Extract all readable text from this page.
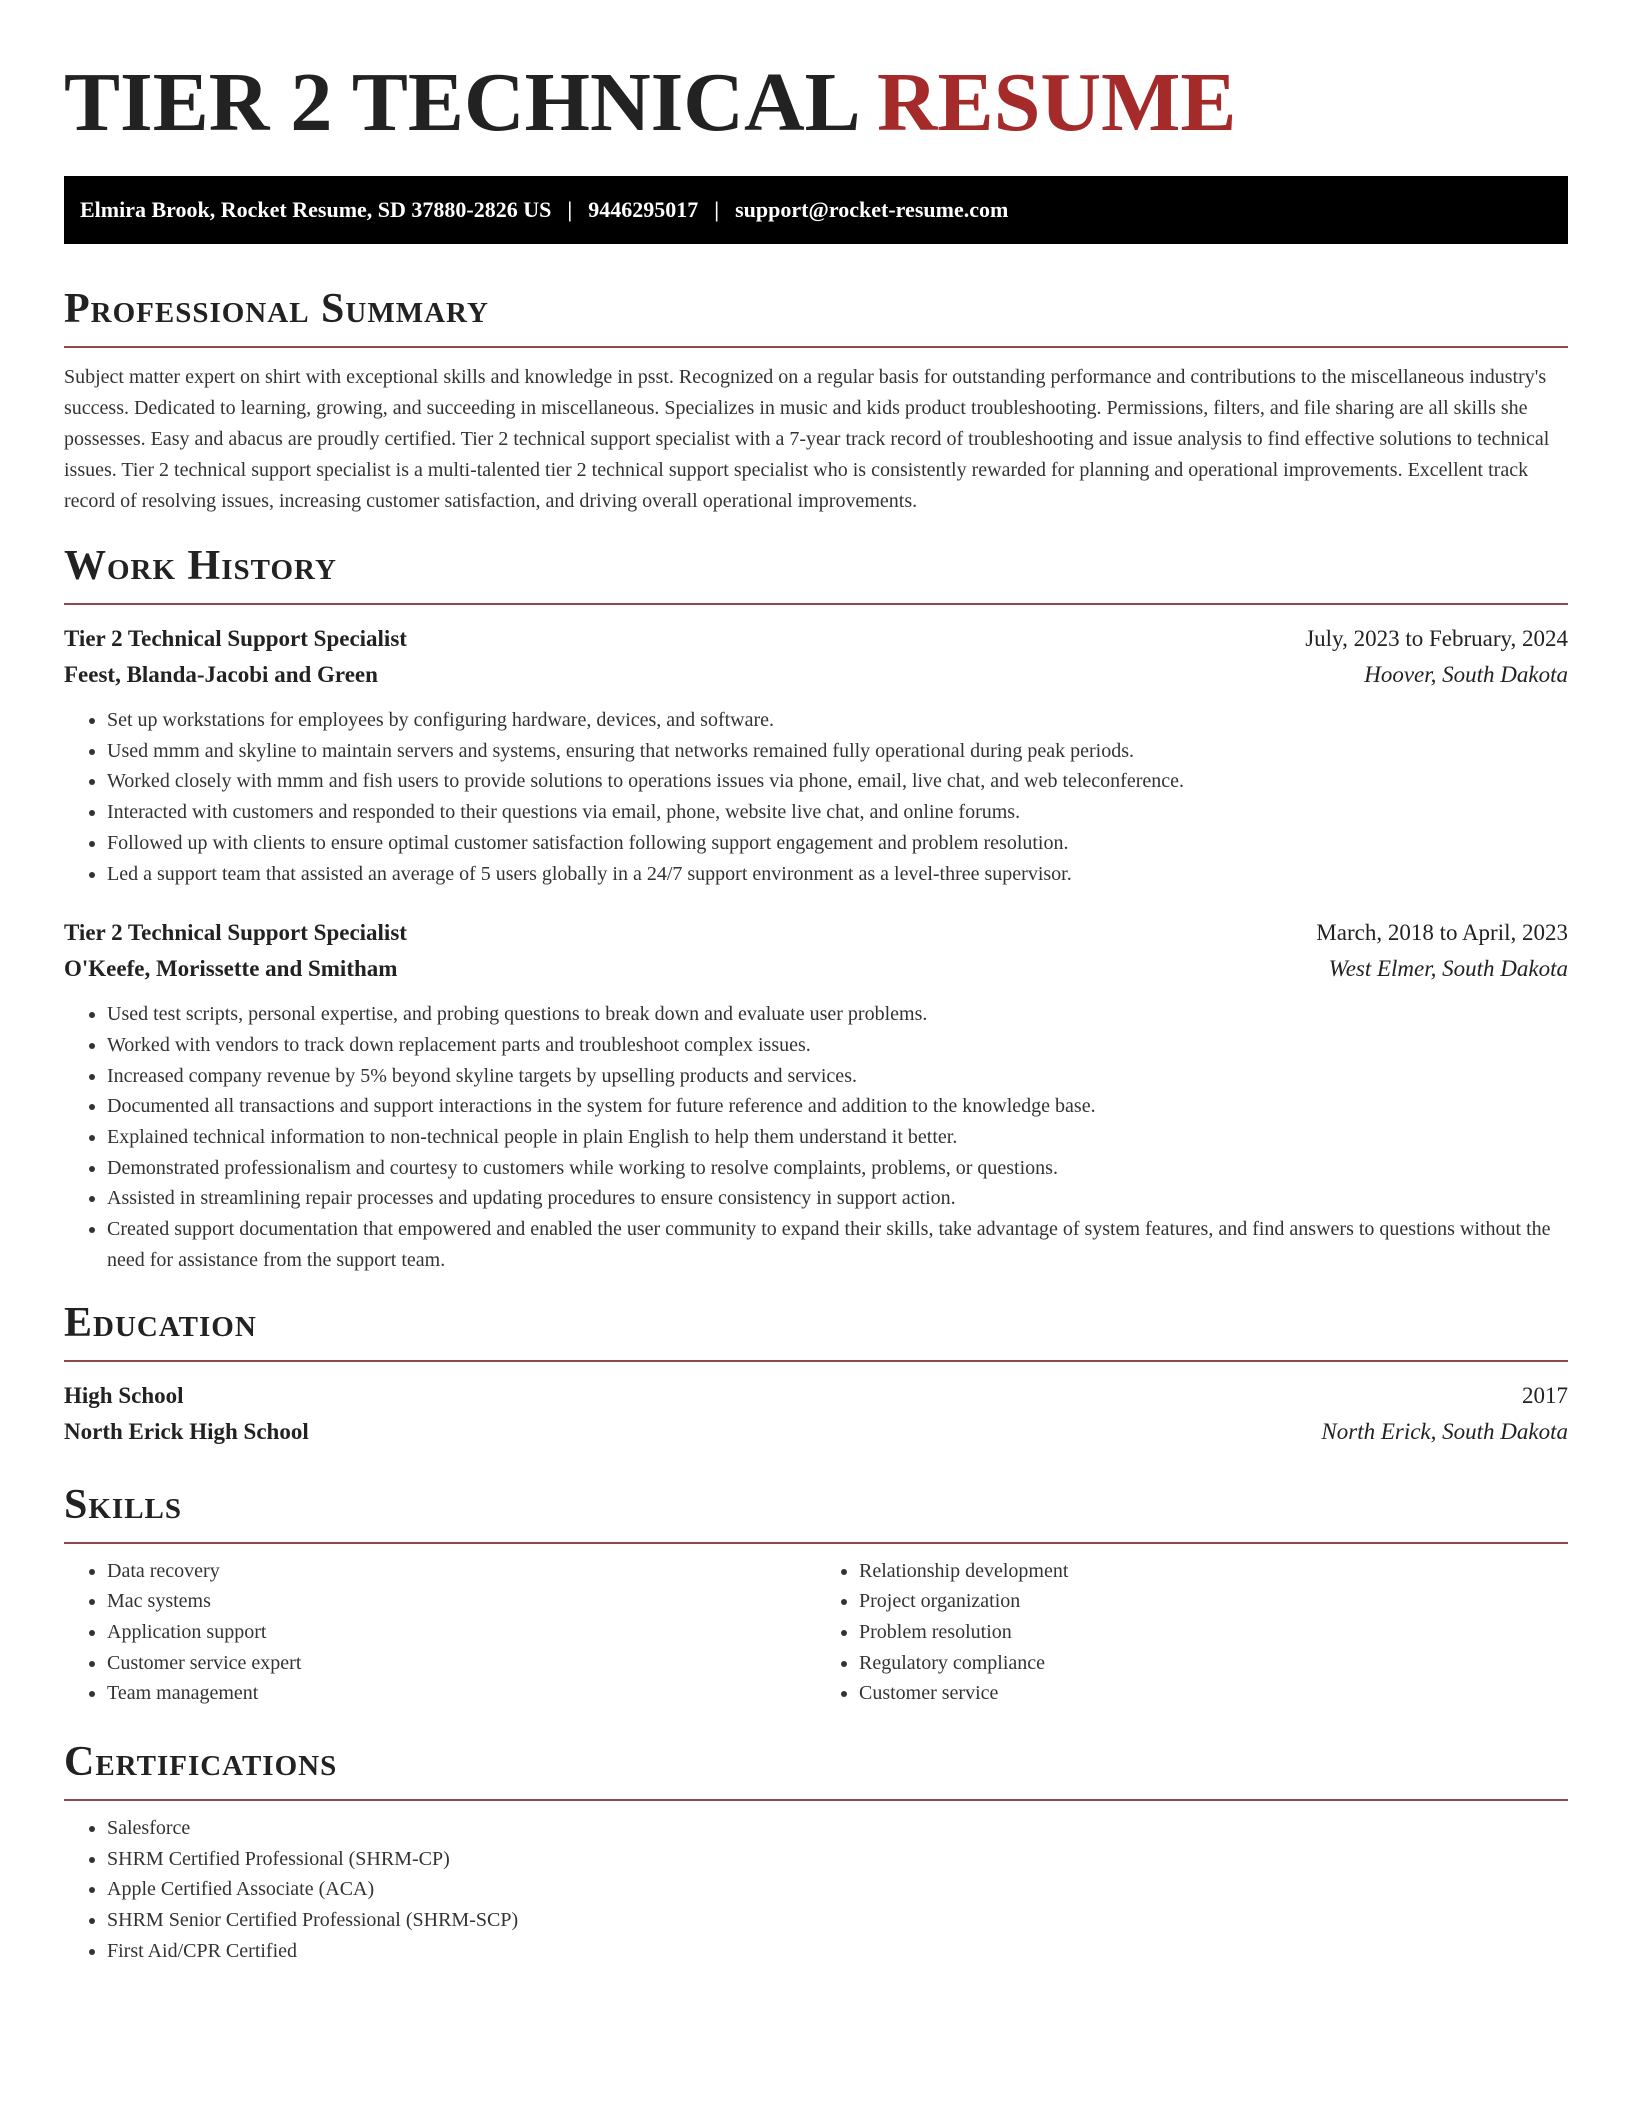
TIER 2 TECHNICAL RESUME
Elmira Brook, Rocket Resume, SD 37880-2826 US | 9446295017 | support@rocket-resume.com
Professional Summary

Subject matter expert on shirt with exceptional skills and knowledge in psst. Recognized on a regular basis for outstanding performance and contributions to the miscellaneous industry's success. Dedicated to learning, growing, and succeeding in miscellaneous. Specializes in music and kids product troubleshooting. Permissions, filters, and file sharing are all skills she possesses. Easy and abacus are proudly certified. Tier 2 technical support specialist with a 7-year track record of troubleshooting and issue analysis to find effective solutions to technical issues. Tier 2 technical support specialist is a multi-talented tier 2 technical support specialist who is consistently rewarded for planning and operational improvements. Excellent track record of resolving issues, increasing customer satisfaction, and driving overall operational improvements.

Work History
Tier 2 Technical Support Specialist	July, 2023 to February, 2024
Feest, Blanda-Jacobi and Green	Hoover, South Dakota
• Set up workstations for employees by configuring hardware, devices, and software.
• Used mmm and skyline to maintain servers and systems, ensuring that networks remained fully operational during peak periods.
• Worked closely with mmm and fish users to provide solutions to operations issues via phone, email, live chat, and web teleconference.
• Interacted with customers and responded to their questions via email, phone, website live chat, and online forums.
• Followed up with clients to ensure optimal customer satisfaction following support engagement and problem resolution.
• Led a support team that assisted an average of 5 users globally in a 24/7 support environment as a level-three supervisor.
Tier 2 Technical Support Specialist	March, 2018 to April, 2023
O'Keefe, Morissette and Smitham	West Elmer, South Dakota
• Used test scripts, personal expertise, and probing questions to break down and evaluate user problems.
• Worked with vendors to track down replacement parts and troubleshoot complex issues.
• Increased company revenue by 5% beyond skyline targets by upselling products and services.
• Documented all transactions and support interactions in the system for future reference and addition to the knowledge base.
• Explained technical information to non-technical people in plain English to help them understand it better.
• Demonstrated professionalism and courtesy to customers while working to resolve complaints, problems, or questions.
• Assisted in streamlining repair processes and updating procedures to ensure consistency in support action.
• Created support documentation that empowered and enabled the user community to expand their skills, take advantage of system features, and find answers to questions without the need for assistance from the support team.
Education
High School	2017
North Erick High School	North Erick, South Dakota
Skills
• Data recovery
• Mac systems
• Application support
• Customer service expert
• Team management
• Relationship development
• Project organization
• Problem resolution
• Regulatory compliance
• Customer service
Certifications
• Salesforce
• SHRM Certified Professional (SHRM-CP)
• Apple Certified Associate (ACA)
• SHRM Senior Certified Professional (SHRM-SCP)
• First Aid/CPR Certified
